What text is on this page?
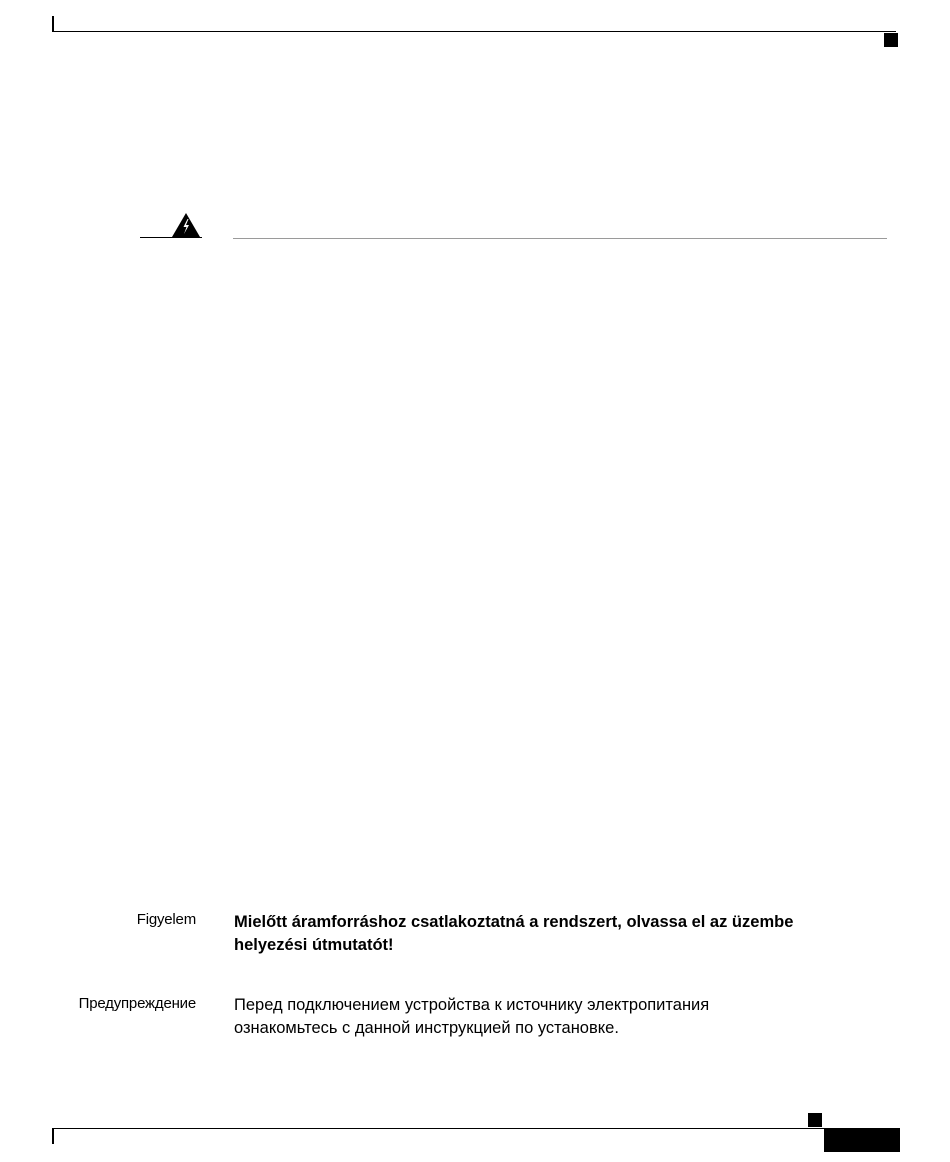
Figyelem Mielőtt áramforráshoz csatlakoztatná a rendszert, olvassa el az üzembe
helyezési útmutatót!
Предупреждение Перед подключением устройства к источнику электропитания
ознакомьтесь с данной инструкцией по установке.
